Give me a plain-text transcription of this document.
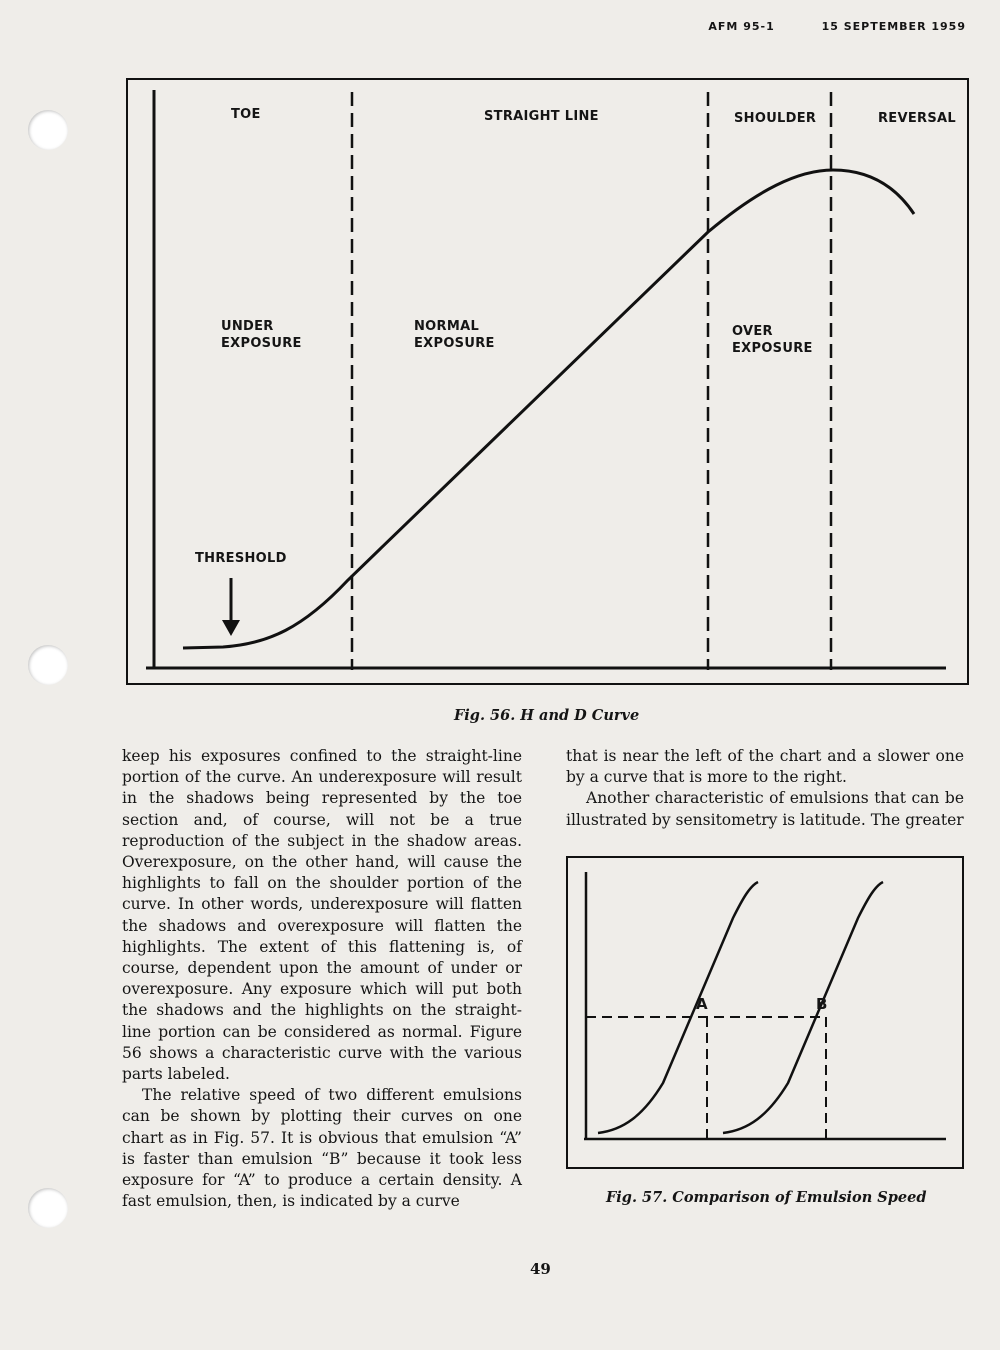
AFM 95-1	15 SEPTEMBER 1959
TOE	STRAIGHT LINE	SHOULDER	REVERSAL
UNDER
EXPOSURE
NORMAL
EXPOSURE
OVER
EXPOSURE
THRESHOLD
Fig. 56. H and D Curve

keep his exposures confined to the straight-line portion of the curve. An underexposure will result in the shadows being represented by the toe section and, of course, will not be a true reproduction of the subject in the shadow areas. Overexposure, on the other hand, will cause the highlights to fall on the shoulder portion of the curve. In other words, underexposure will flatten the shadows and overexposure will flatten the highlights. The extent of this flattening is, of course, dependent upon the amount of under or overexposure. Any exposure which will put both the shadows and the highlights on the straight-line portion can be considered as normal. Figure 56 shows a characteristic curve with the various parts labeled.

The relative speed of two different emulsions can be shown by plotting their curves on one chart as in Fig. 57. It is obvious that emulsion “A” is faster than emulsion “B” because it took less exposure for “A” to produce a certain density. A fast emulsion, then, is indicated by a curve

that is near the left of the chart and a slower one by a curve that is more to the right.

Another characteristic of emulsions that can be illustrated by sensitometry is latitude. The greater

A	B
Fig. 57. Comparison of Emulsion Speed
49
